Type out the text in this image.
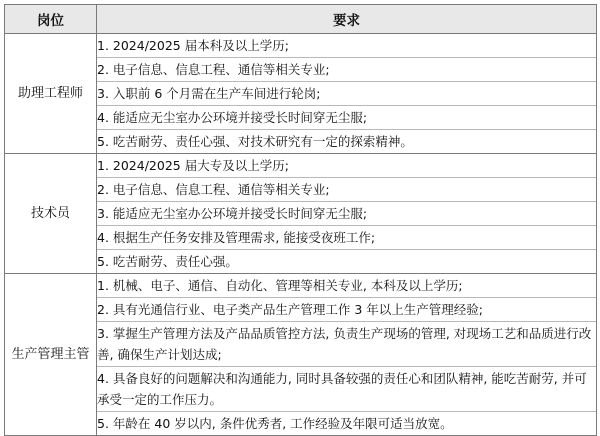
岗位	要求
助理工程师	1. 2024/2025 届本科及以上学历;
2. 电子信息、信息工程、通信等相关专业;
3. 入职前 6 个月需在生产车间进行轮岗;
4. 能适应无尘室办公环境并接受长时间穿无尘服;
5. 吃苦耐劳、责任心强、对技术研究有一定的探索精神。

技术员	1. 2024/2025 届大专及以上学历;
2. 电子信息、信息工程、通信等相关专业;
3. 能适应无尘室办公环境并接受长时间穿无尘服;
4. 根据生产任务安排及管理需求, 能接受夜班工作;
5. 吃苦耐劳、责任心强。

生产管理主管	1. 机械、电子、通信、自动化、管理等相关专业, 本科及以上学历;
2. 具有光通信行业、电子类产品生产管理工作 3 年以上生产管理经验;
3. 掌握生产管理方法及产品品质管控方法, 负责生产现场的管理, 对现场工艺和品质进行改善, 确保生产计划达成;
4. 具备良好的问题解决和沟通能力, 同时具备较强的责任心和团队精神, 能吃苦耐劳, 并可承受一定的工作压力。
5. 年龄在 40 岁以内, 条件优秀者, 工作经验及年限可适当放宽。
